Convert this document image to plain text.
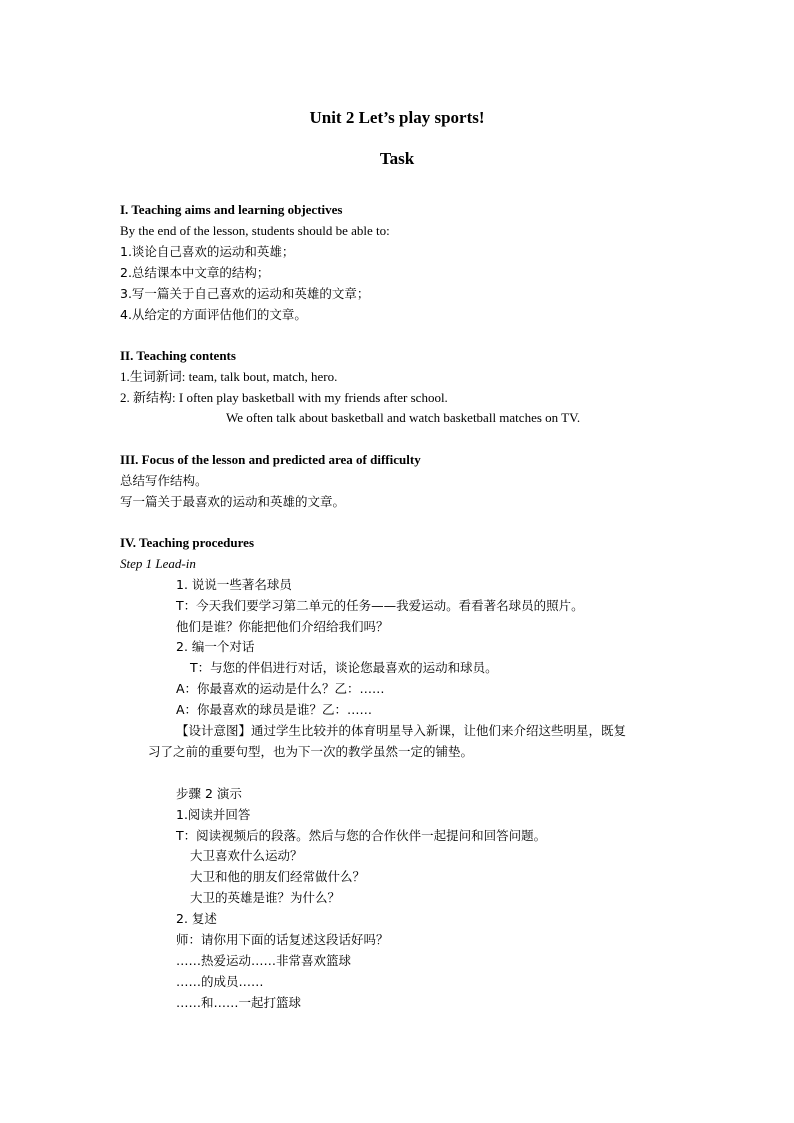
Unit 2 Let’s play sports!
Task
I. Teaching aims and learning objectives
By the end of the lesson, students should be able to:
1.谈论自己喜欢的运动和英雄；
2.总结课本中文章的结构；
3.写一篇关于自己喜欢的运动和英雄的文章；
4.从给定的方面评估他们的文章。
II. Teaching contents
1.生词新词: team, talk bout, match, hero.
2. 新结构: I often play basketball with my friends after school.
We often talk about basketball and watch basketball matches on TV.
III. Focus of the lesson and predicted area of difficulty
总结写作结构。
写一篇关于最喜欢的运动和英雄的文章。
IV. Teaching procedures
Step 1 Lead-in
1. 说说一些著名球员
T：今天我们要学习第二单元的任务——我爱运动。看看著名球员的照片。
他们是谁？你能把他们介绍给我们吗？
2. 编一个对话
T：与您的伴侣进行对话，谈论您最喜欢的运动和球员。
A：你最喜欢的运动是什么？乙：……
A：你最喜欢的球员是谁？乙：……
【设计意图】通过学生比较并的体育明星导入新课，让他们来介绍这些明星，既复
习了之前的重要句型，也为下一次的教学虽然一定的铺垫。
步骤 2 演示
1.阅读并回答
T：阅读视频后的段落。然后与您的合作伙伴一起提问和回答问题。
大卫喜欢什么运动？
大卫和他的朋友们经常做什么？
大卫的英雄是谁？为什么？
2. 复述
师：请你用下面的话复述这段话好吗？
……热爱运动……非常喜欢篮球
……的成员……
……和……一起打篮球
